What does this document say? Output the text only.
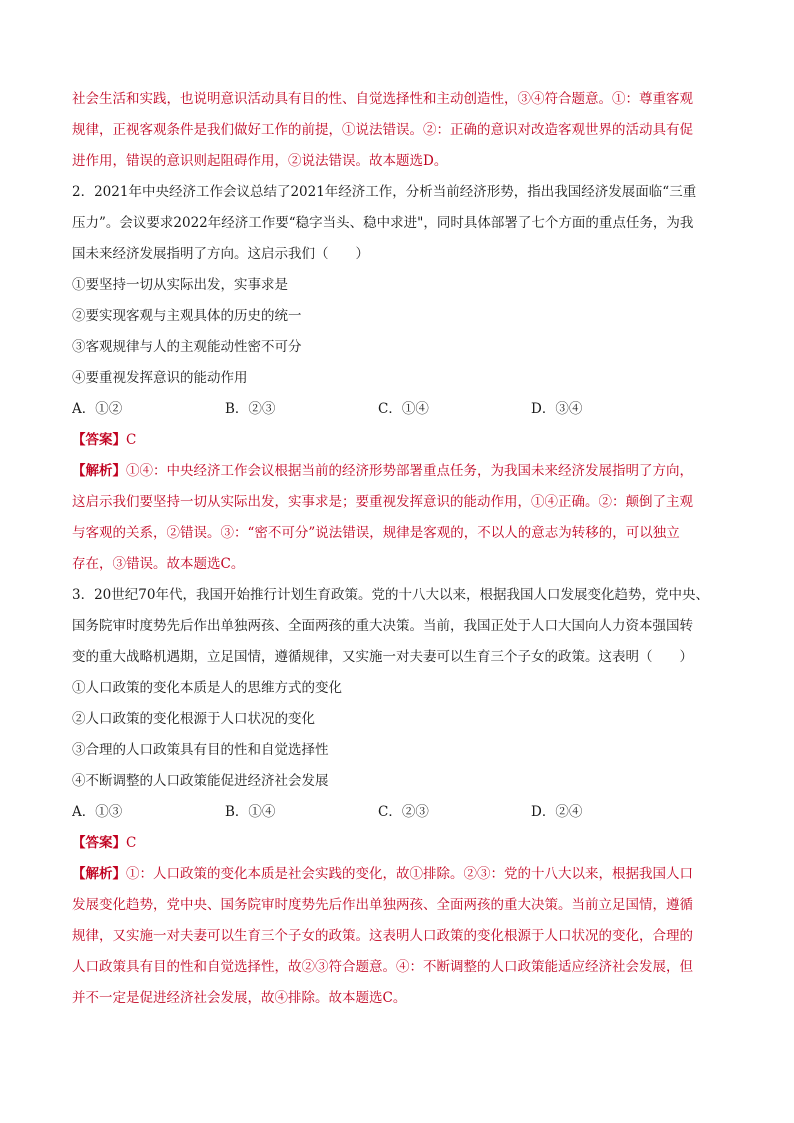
社会生活和实践，也说明意识活动具有目的性、自觉选择性和主动创造性，③④符合题意。①：尊重客观
规律，正视客观条件是我们做好工作的前提，①说法错误。②：正确的意识对改造客观世界的活动具有促
进作用，错误的意识则起阻碍作用，②说法错误。故本题选D。
2．2021年中央经济工作会议总结了2021年经济工作，分析当前经济形势，指出我国经济发展面临“三重
压力”。会议要求2022年经济工作要“稳字当头、稳中求进"，同时具体部署了七个方面的重点任务，为我
国未来经济发展指明了方向。这启示我们（　　）
①要坚持一切从实际出发，实事求是
②要实现客观与主观具体的历史的统一
③客观规律与人的主观能动性密不可分
④要重视发挥意识的能动作用
A．①②	B．②③	C．①④	D．③④
【答案】C
【解析】①④：中央经济工作会议根据当前的经济形势部署重点任务，为我国未来经济发展指明了方向，
这启示我们要坚持一切从实际出发，实事求是；要重视发挥意识的能动作用，①④正确。②：颠倒了主观
与客观的关系，②错误。③：“密不可分”说法错误，规律是客观的，不以人的意志为转移的，可以独立
存在，③错误。故本题选C。
3．20世纪70年代，我国开始推行计划生育政策。党的十八大以来，根据我国人口发展变化趋势，党中央、
国务院审时度势先后作出单独两孩、全面两孩的重大决策。当前，我国正处于人口大国向人力资本强国转
变的重大战略机遇期，立足国情，遵循规律，又实施一对夫妻可以生育三个子女的政策。这表明（　　）
①人口政策的变化本质是人的思维方式的变化
②人口政策的变化根源于人口状况的变化
③合理的人口政策具有目的性和自觉选择性
④不断调整的人口政策能促进经济社会发展
A．①③	B．①④	C．②③	D．②④
【答案】C
【解析】①：人口政策的变化本质是社会实践的变化，故①排除。②③：党的十八大以来，根据我国人口
发展变化趋势，党中央、国务院审时度势先后作出单独两孩、全面两孩的重大决策。当前立足国情，遵循
规律，又实施一对夫妻可以生育三个子女的政策。这表明人口政策的变化根源于人口状况的变化，合理的
人口政策具有目的性和自觉选择性，故②③符合题意。④：不断调整的人口政策能适应经济社会发展，但
并不一定是促进经济社会发展，故④排除。故本题选C。
